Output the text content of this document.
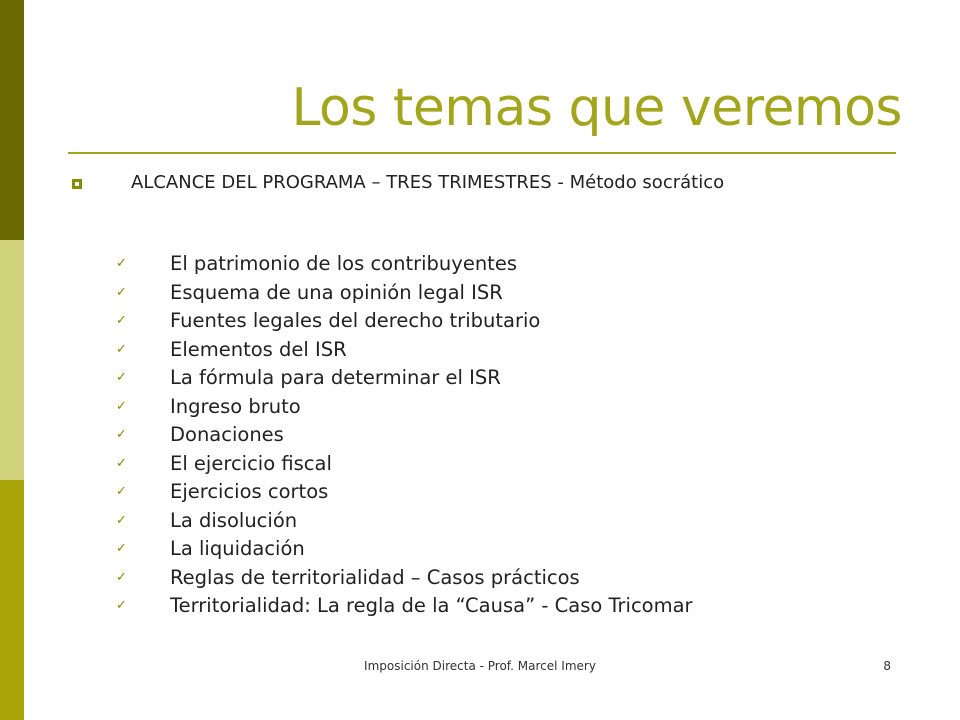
Los temas que veremos
ALCANCE DEL PROGRAMA – TRES TRIMESTRES - Método socrático
✓ El patrimonio de los contribuyentes
✓ Esquema de una opinión legal ISR
✓ Fuentes legales del derecho tributario
✓ Elementos del ISR
✓ La fórmula para determinar el ISR
✓ Ingreso bruto
✓ Donaciones
✓ El ejercicio fiscal
✓ Ejercicios cortos
✓ La disolución
✓ La liquidación
✓ Reglas de territorialidad – Casos prácticos
✓ Territorialidad: La regla de la “Causa” - Caso Tricomar
Imposición Directa - Prof. Marcel Imery	8
